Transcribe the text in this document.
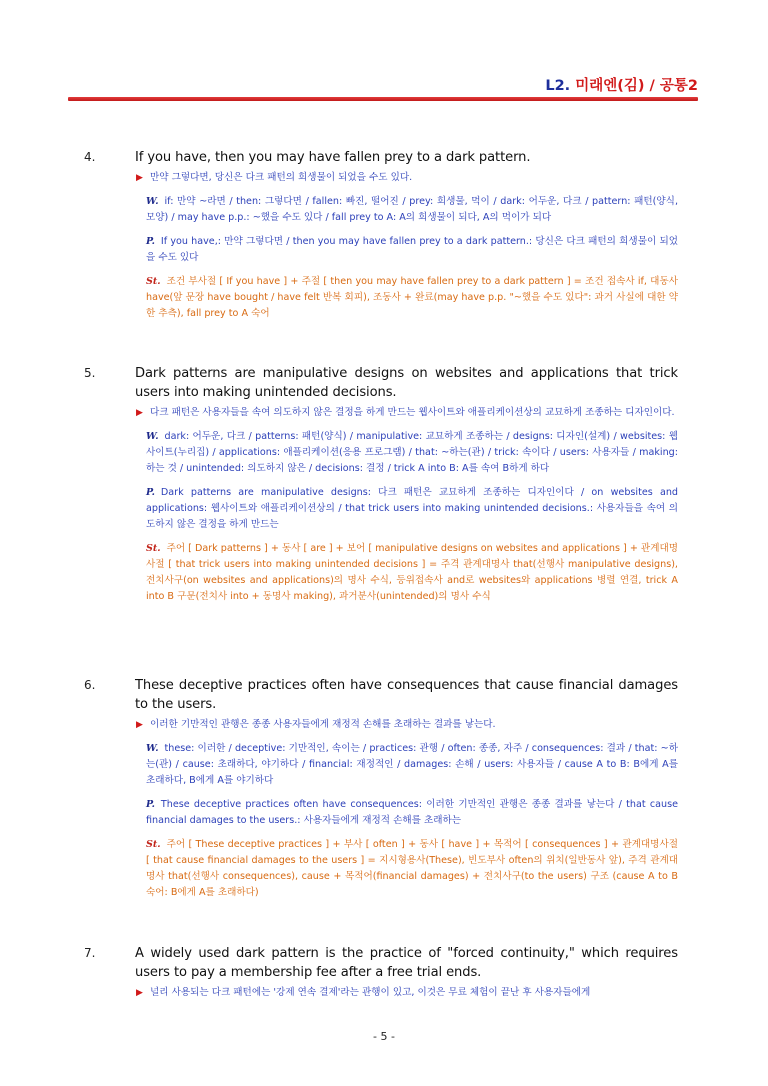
L2. 미래엔(김) / 공통2
4.	If you have, then you may have fallen prey to a dark pattern.
▶ 만약 그렇다면, 당신은 다크 패턴의 희생물이 되었을 수도 있다.
W. if: 만약 ~라면 / then: 그렇다면 / fallen: 빠진, 떨어진 / prey: 희생물, 먹이 / dark: 어두운, 다크 / pattern: 패턴(양식, 모양) / may have p.p.: ~했을 수도 있다 / fall prey to A: A의 희생물이 되다, A의 먹이가 되다
P. If you have,: 만약 그렇다면 / then you may have fallen prey to a dark pattern.: 당신은 다크 패턴의 희생물이 되었을 수도 있다
St. 조건 부사절 [ If you have ] + 주절 [ then you may have fallen prey to a dark pattern ] = 조건 접속사 if, 대동사 have(앞 문장 have bought / have felt 반복 회피), 조동사 + 완료(may have p.p. "~했을 수도 있다": 과거 사실에 대한 약한 추측), fall prey to A 숙어
5.	Dark patterns are manipulative designs on websites and applications that trick users into making unintended decisions.
▶ 다크 패턴은 사용자들을 속여 의도하지 않은 결정을 하게 만드는 웹사이트와 애플리케이션상의 교묘하게 조종하는 디자인이다.
W. dark: 어두운, 다크 / patterns: 패턴(양식) / manipulative: 교묘하게 조종하는 / designs: 디자인(설계) / websites: 웹사이트(누리집) / applications: 애플리케이션(응용 프로그램) / that: ~하는(관) / trick: 속이다 / users: 사용자들 / making: 하는 것 / unintended: 의도하지 않은 / decisions: 결정 / trick A into B: A를 속여 B하게 하다
P. Dark patterns are manipulative designs: 다크 패턴은 교묘하게 조종하는 디자인이다 / on websites and applications: 웹사이트와 애플리케이션상의 / that trick users into making unintended decisions.: 사용자들을 속여 의도하지 않은 결정을 하게 만드는
St. 주어 [ Dark patterns ] + 동사 [ are ] + 보어 [ manipulative designs on websites and applications ] + 관계대명사절 [ that trick users into making unintended decisions ] = 주격 관계대명사 that(선행사 manipulative designs), 전치사구(on websites and applications)의 명사 수식, 등위접속사 and로 websites와 applications 병렬 연결, trick A into B 구문(전치사 into + 동명사 making), 과거분사(unintended)의 명사 수식
6.	These deceptive practices often have consequences that cause financial damages to the users.
▶ 이러한 기만적인 관행은 종종 사용자들에게 재정적 손해를 초래하는 결과를 낳는다.
W. these: 이러한 / deceptive: 기만적인, 속이는 / practices: 관행 / often: 종종, 자주 / consequences: 결과 / that: ~하는(관) / cause: 초래하다, 야기하다 / financial: 재정적인 / damages: 손해 / users: 사용자들 / cause A to B: B에게 A를 초래하다, B에게 A를 야기하다
P. These deceptive practices often have consequences: 이러한 기만적인 관행은 종종 결과를 낳는다 / that cause financial damages to the users.: 사용자들에게 재정적 손해를 초래하는
St. 주어 [ These deceptive practices ] + 부사 [ often ] + 동사 [ have ] + 목적어 [ consequences ] + 관계대명사절 [ that cause financial damages to the users ] = 지시형용사(These), 빈도부사 often의 위치(일반동사 앞), 주격 관계대명사 that(선행사 consequences), cause + 목적어(financial damages) + 전치사구(to the users) 구조 (cause A to B 숙어: B에게 A를 초래하다)
7.	A widely used dark pattern is the practice of "forced continuity," which requires users to pay a membership fee after a free trial ends.
▶ 널리 사용되는 다크 패턴에는 '강제 연속 결제'라는 관행이 있고, 이것은 무료 체험이 끝난 후 사용자들에게
- 5 -
